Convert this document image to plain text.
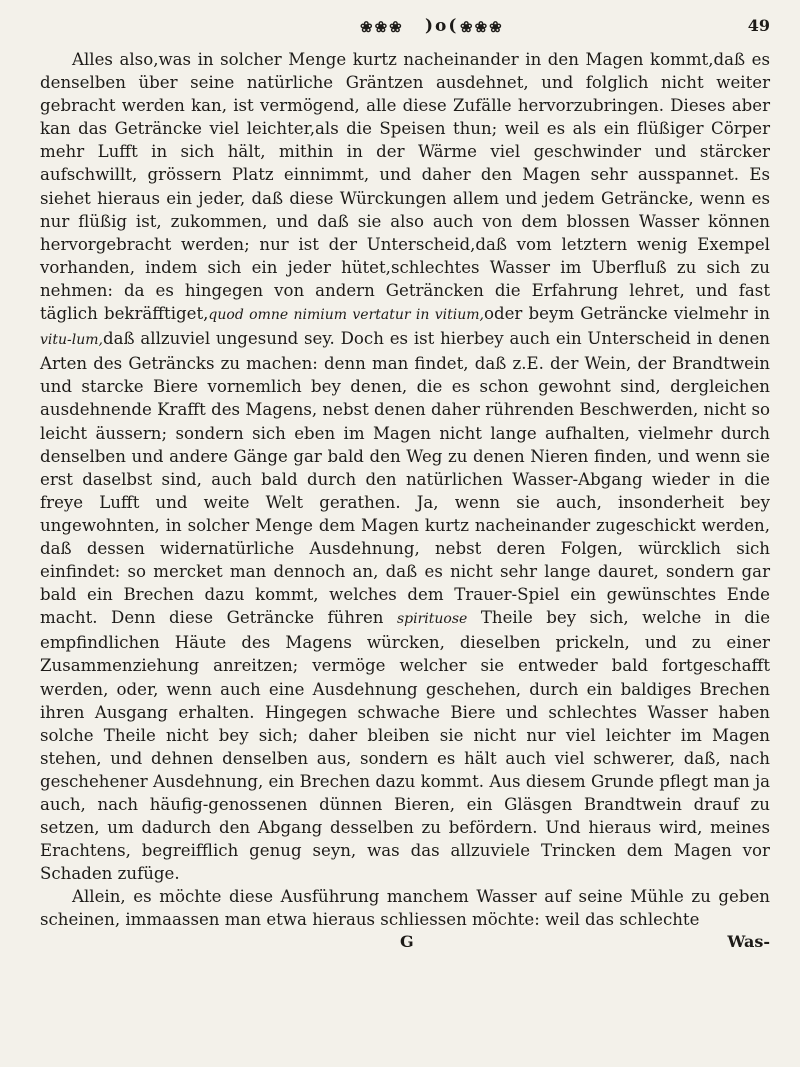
❀❀❀ )o( ❀❀❀	49

Alles also,was in solcher Menge kurtz nacheinander in den Magen kommt,daß es denselben über seine natürliche Gräntzen ausdehnet, und folglich nicht weiter gebracht werden kan, ist vermögend, alle diese Zufälle hervorzubringen. Dieses aber kan das Geträncke viel leichter,als die Speisen thun; weil es als ein flüßiger Cörper mehr Lufft in sich hält, mithin in der Wärme viel geschwinder und stärcker aufschwillt, grössern Platz einnimmt, und daher den Magen sehr ausspannet. Es siehet hieraus ein jeder, daß diese Würckungen allem und jedem Geträncke, wenn es nur flüßig ist, zukommen, und daß sie also auch von dem blossen Wasser können hervorgebracht werden; nur ist der Unterscheid,daß vom letztern wenig Exempel vorhanden, indem sich ein jeder hütet,schlechtes Wasser im Uberfluß zu sich zu nehmen: da es hingegen von andern Geträncken die Erfahrung lehret, und fast täglich bekräfftiget,quod omne nimium vertatur in vitium,oder beym Geträncke vielmehr in vitu-lum,daß allzuviel ungesund sey. Doch es ist hierbey auch ein Unterscheid in denen Arten des Geträncks zu machen: denn man findet, daß z.E. der Wein, der Brandtwein und starcke Biere vornemlich bey denen, die es schon gewohnt sind, dergleichen ausdehnende Krafft des Magens, nebst denen daher rührenden Beschwerden, nicht so leicht äussern; sondern sich eben im Magen nicht lange aufhalten, vielmehr durch denselben und andere Gänge gar bald den Weg zu denen Nieren finden, und wenn sie erst daselbst sind, auch bald durch den natürlichen Wasser-Abgang wieder in die freye Lufft und weite Welt gerathen. Ja, wenn sie auch, insonderheit bey ungewohnten, in solcher Menge dem Magen kurtz nacheinander zugeschickt werden, daß dessen widernatürliche Ausdehnung, nebst deren Folgen, würcklich sich einfindet: so mercket man dennoch an, daß es nicht sehr lange dauret, sondern gar bald ein Brechen dazu kommt, welches dem Trauer-Spiel ein gewünschtes Ende macht. Denn diese Geträncke führen spirituose Theile bey sich, welche in die empfindlichen Häute des Magens würcken, dieselben prickeln, und zu einer Zusammenziehung anreitzen; vermöge welcher sie entweder bald fortgeschafft werden, oder, wenn auch eine Ausdehnung geschehen, durch ein baldiges Brechen ihren Ausgang erhalten. Hingegen schwache Biere und schlechtes Wasser haben solche Theile nicht bey sich; daher bleiben sie nicht nur viel leichter im Magen stehen, und dehnen denselben aus, sondern es hält auch viel schwerer, daß, nach geschehener Ausdehnung, ein Brechen dazu kommt. Aus diesem Grunde pflegt man ja auch, nach häufig-genossenen dünnen Bieren, ein Gläsgen Brandtwein drauf zu setzen, um dadurch den Abgang desselben zu befördern. Und hieraus wird, meines Erachtens, begreifflich genug seyn, was das allzuviele Trincken dem Magen vor Schaden zufüge.

Allein, es möchte diese Ausführung manchem Wasser auf seine Mühle zu geben scheinen, immaassen man etwa hieraus schliessen möchte: weil das schlechte

G	Was-
